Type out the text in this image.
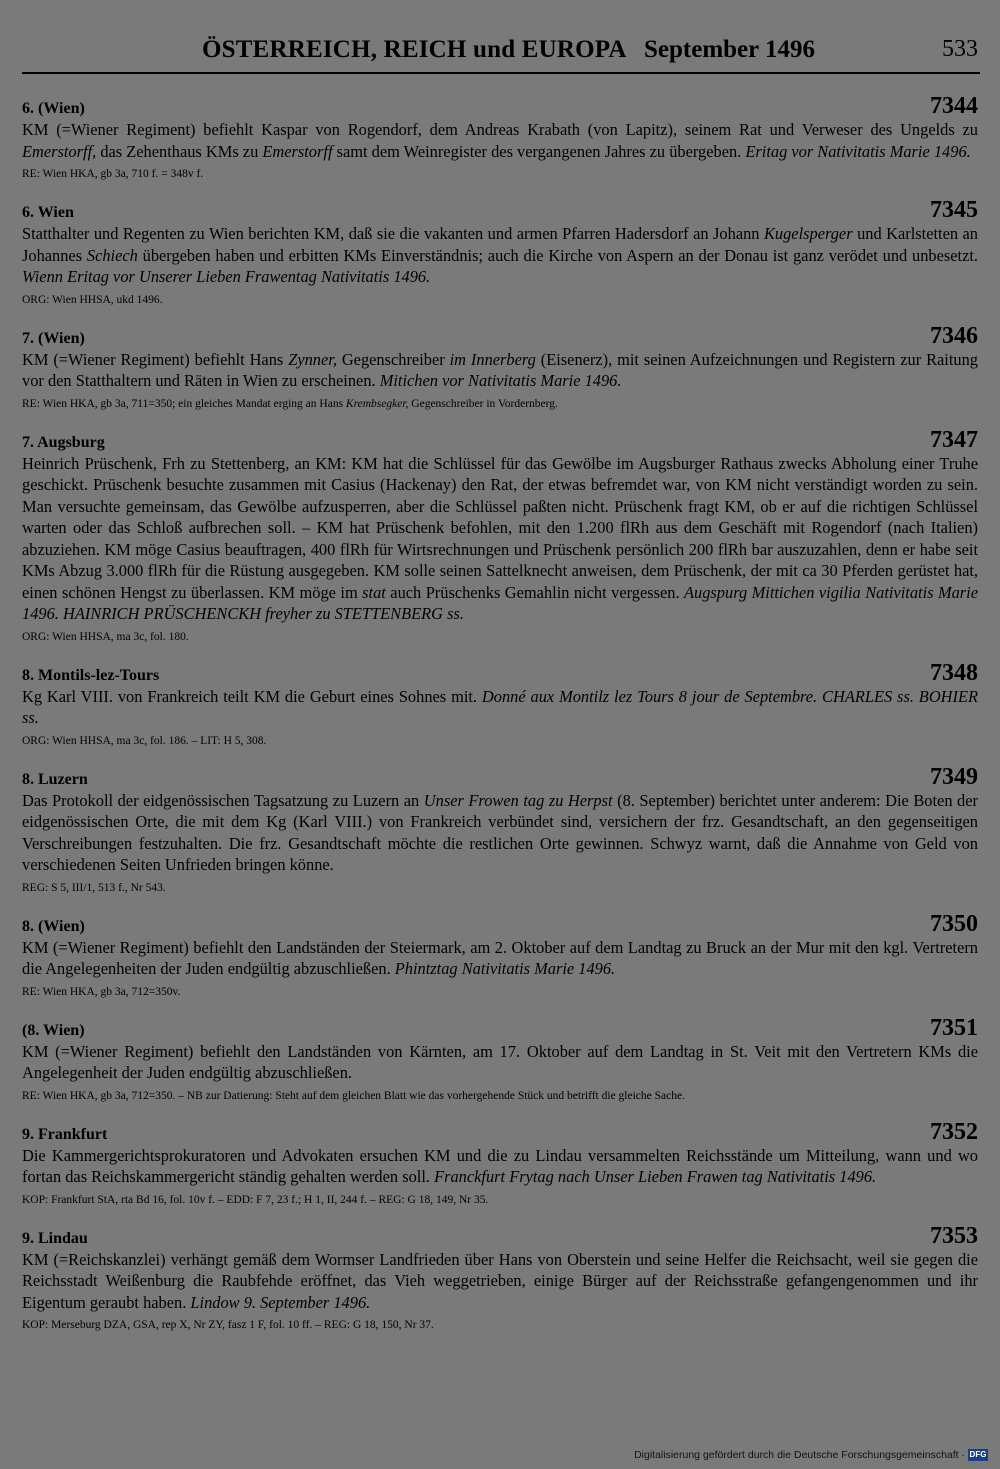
ÖSTERREICH, REICH und EUROPA September 1496	533
6. (Wien)	7344
KM (=Wiener Regiment) befiehlt Kaspar von Rogendorf, dem Andreas Krabath (von Lapitz), seinem Rat und Verweser des Ungelds zu Emerstorff, das Zehenthaus KMs zu Emerstorff samt dem Weinregister des vergangenen Jahres zu übergeben. Eritag vor Nativitatis Marie 1496.
RE: Wien HKA, gb 3a, 710 f. = 348v f.
6. Wien	7345
Statthalter und Regenten zu Wien berichten KM, daß sie die vakanten und armen Pfarren Hadersdorf an Johann Kugelsperger und Karlstetten an Johannes Schiech übergeben haben und erbitten KMs Einverständnis; auch die Kirche von Aspern an der Donau ist ganz verödet und unbesetzt. Wienn Eritag vor Unserer Lieben Frawentag Nativitatis 1496.
ORG: Wien HHSA, ukd 1496.
7. (Wien)	7346
KM (=Wiener Regiment) befiehlt Hans Zynner, Gegenschreiber im Innerberg (Eisenerz), mit seinen Aufzeichnungen und Registern zur Raitung vor den Statthaltern und Räten in Wien zu erscheinen. Mitichen vor Nativitatis Marie 1496.
RE: Wien HKA, gb 3a, 711=350; ein gleiches Mandat erging an Hans Krembsegker, Gegenschreiber in Vordernberg.
7. Augsburg	7347
Heinrich Prüschenk, Frh zu Stettenberg, an KM: KM hat die Schlüssel für das Gewölbe im Augsburger Rathaus zwecks Abholung einer Truhe geschickt. Prüschenk besuchte zusammen mit Casius (Hackenay) den Rat, der etwas befremdet war, von KM nicht verständigt worden zu sein. Man versuchte gemeinsam, das Gewölbe aufzusperren, aber die Schlüssel paßten nicht. Prüschenk fragt KM, ob er auf die richtigen Schlüssel warten oder das Schloß aufbrechen soll. – KM hat Prüschenk befohlen, mit den 1.200 flRh aus dem Geschäft mit Rogendorf (nach Italien) abzuziehen. KM möge Casius beauftragen, 400 flRh für Wirtsrechnungen und Prüschenk persönlich 200 flRh bar auszuzahlen, denn er habe seit KMs Abzug 3.000 flRh für die Rüstung ausgegeben. KM solle seinen Sattelknecht anweisen, dem Prüschenk, der mit ca 30 Pferden gerüstet hat, einen schönen Hengst zu überlassen. KM möge im stat auch Prüschenks Gemahlin nicht vergessen. Augspurg Mittichen vigilia Nativitatis Marie 1496. HAINRICH PRÜSCHENCKH freyher zu STETTENBERG ss.
ORG: Wien HHSA, ma 3c, fol. 180.
8. Montils-lez-Tours	7348
Kg Karl VIII. von Frankreich teilt KM die Geburt eines Sohnes mit. Donné aux Montilz lez Tours 8 jour de Septembre. CHARLES ss. BOHIER ss.
ORG: Wien HHSA, ma 3c, fol. 186. – LIT: H 5, 308.
8. Luzern	7349
Das Protokoll der eidgenössischen Tagsatzung zu Luzern an Unser Frowen tag zu Herpst (8. September) berichtet unter anderem: Die Boten der eidgenössischen Orte, die mit dem Kg (Karl VIII.) von Frankreich verbündet sind, versichern der frz. Gesandtschaft, an den gegenseitigen Verschreibungen festzuhalten. Die frz. Gesandtschaft möchte die restlichen Orte gewinnen. Schwyz warnt, daß die Annahme von Geld von verschiedenen Seiten Unfrieden bringen könne.
REG: S 5, III/1, 513 f., Nr 543.
8. (Wien)	7350
KM (=Wiener Regiment) befiehlt den Landständen der Steiermark, am 2. Oktober auf dem Landtag zu Bruck an der Mur mit den kgl. Vertretern die Angelegenheiten der Juden endgültig abzuschließen. Phintztag Nativitatis Marie 1496.
RE: Wien HKA, gb 3a, 712=350v.
(8. Wien)	7351
KM (=Wiener Regiment) befiehlt den Landständen von Kärnten, am 17. Oktober auf dem Landtag in St. Veit mit den Vertretern KMs die Angelegenheit der Juden endgültig abzuschließen.
RE: Wien HKA, gb 3a, 712=350. – NB zur Datierung: Steht auf dem gleichen Blatt wie das vorhergehende Stück und betrifft die gleiche Sache.
9. Frankfurt	7352
Die Kammergerichtsprokuratoren und Advokaten ersuchen KM und die zu Lindau versammelten Reichsstände um Mitteilung, wann und wo fortan das Reichskammergericht ständig gehalten werden soll. Franckfurt Frytag nach Unser Lieben Frawen tag Nativitatis 1496.
KOP: Frankfurt StA, rta Bd 16, fol. 10v f. – EDD: F 7, 23 f.; H 1, II, 244 f. – REG: G 18, 149, Nr 35.
9. Lindau	7353
KM (=Reichskanzlei) verhängt gemäß dem Wormser Landfrieden über Hans von Oberstein und seine Helfer die Reichsacht, weil sie gegen die Reichsstadt Weißenburg die Raubfehde eröffnet, das Vieh weggetrieben, einige Bürger auf der Reichsstraße gefangengenommen und ihr Eigentum geraubt haben. Lindow 9. September 1496.
KOP: Merseburg DZA, GSA, rep X, Nr ZY, fasz 1 F, fol. 10 ff. – REG: G 18, 150, Nr 37.
Digitalisierung gefördert durch die Deutsche Forschungsgemeinschaft · DFG
